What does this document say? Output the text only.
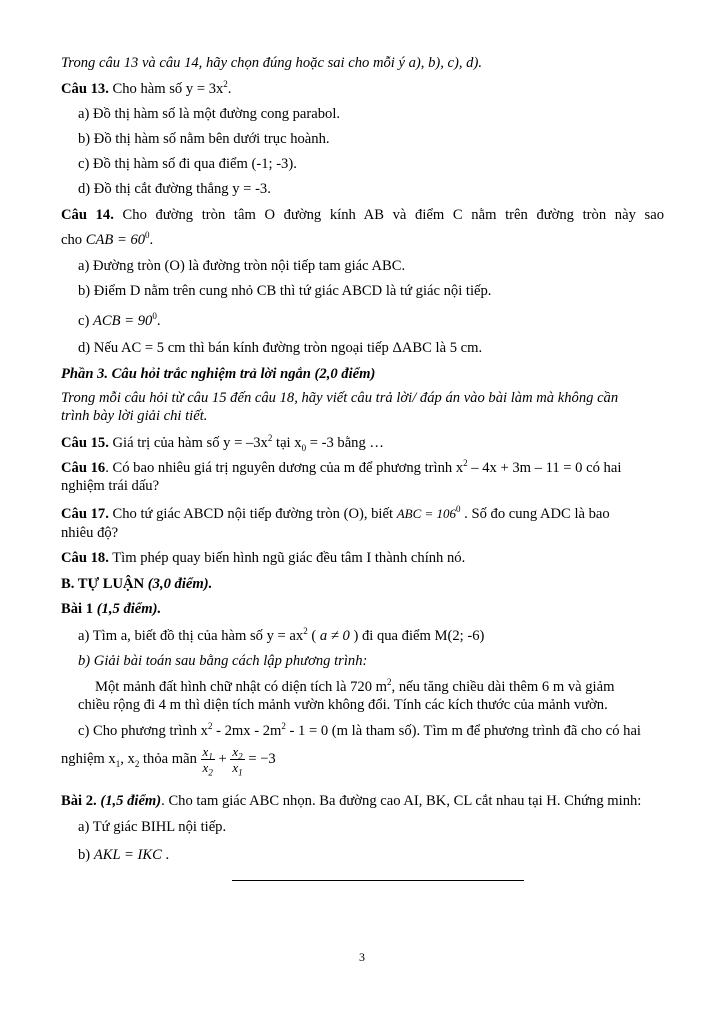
Trong câu 13 và câu 14, hãy chọn đúng hoặc sai cho mỗi ý a), b), c), d).
Câu 13. Cho hàm số $y = 3x^2$.
a) Đồ thị hàm số là một đường cong parabol.
b) Đồ thị hàm số nằm bên dưới trục hoành.
c) Đồ thị hàm số đi qua điểm (-1; -3).
d) Đồ thị cắt đường thẳng y = -3.
Câu 14. Cho đường tròn tâm O đường kính AB và điểm C nằm trên đường tròn này sao
cho CAB = $60^0$.
a) Đường tròn (O) là đường tròn nội tiếp tam giác ABC.
b) Điểm D nằm trên cung nhỏ CB thì tứ giác ABCD là tứ giác nội tiếp.
c) ACB = $90^0$.
d) Nếu AC = 5 cm thì bán kính đường tròn ngoại tiếp ΔABC là 5 cm.
Phần 3. Câu hỏi trắc nghiệm trả lời ngắn (2,0 điểm)
Trong mỗi câu hỏi từ câu 15 đến câu 18, hãy viết câu trả lời/ đáp án vào bài làm mà không cần
trình bày lời giải chi tiết.
Câu 15. Giá trị của hàm số $y = -3x^2$ tại $x_0 = -3$ bằng …
Câu 16. Có bao nhiêu giá trị nguyên dương của m để phương trình $x^2 - 4x + 3m - 11 = 0$ có hai
nghiệm trái dấu?
Câu 17. Cho tứ giác ABCD nội tiếp đường tròn (O), biết ABC = $106^0$ . Số đo cung ADC là bao
nhiêu độ?
Câu 18. Tìm phép quay biến hình ngũ giác đều tâm I thành chính nó.
B. TỰ LUẬN (3,0 điểm).
Bài 1 (1,5 điểm).
a) Tìm a, biết đồ thị của hàm số $y = ax^2$ ( a ≠ 0 ) đi qua điểm M(2; -6)
b) Giải bài toán sau bằng cách lập phương trình:
Một mảnh đất hình chữ nhật có diện tích là 720 $m^2$, nếu tăng chiều dài thêm 6 m và giảm
chiều rộng đi 4 m thì diện tích mảnh vườn không đổi. Tính các kích thước của mảnh vườn.
c) Cho phương trình $x^2 - 2mx - 2m^2 - 1 = 0$ (m là tham số). Tìm m để phương trình đã cho có hai
nghiệm $x_1$, $x_2$ thỏa mãn $\frac{x_1}{x_2} + \frac{x_2}{x_1} = -3$
Bài 2. (1,5 điểm). Cho tam giác ABC nhọn. Ba đường cao AI, BK, CL cắt nhau tại H. Chứng minh:
a) Tứ giác BIHL nội tiếp.
b) AKL = IKC .
3
